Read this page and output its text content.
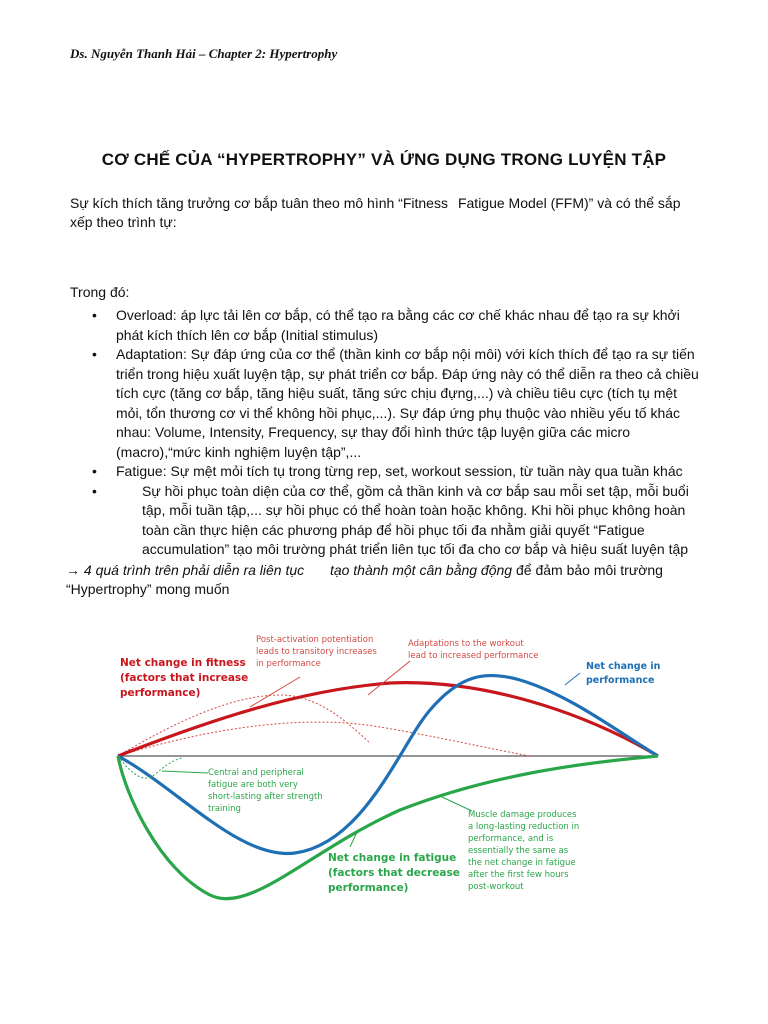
Ds. Nguyễn Thanh Hải – Chapter 2: Hypertrophy
CƠ CHẾ CỦA “HYPERTROPHY” VÀ ỨNG DỤNG TRONG LUYỆN TẬP
Sự kích thích tăng trưởng cơ bắp tuân theo mô hình “Fitness Fatigue Model (FFM)” và có thể sắp xếp theo trình tự:
Trong đó:
• Overload: áp lực tải lên cơ bắp, có thể tạo ra bằng các cơ chế khác nhau để tạo ra sự khởi phát kích thích lên cơ bắp (Initial stimulus)
• Adaptation: Sự đáp ứng của cơ thể (thần kinh cơ bắp nội môi) với kích thích để tạo ra sự tiến triển trong hiệu xuất luyện tập, sự phát triển cơ bắp. Đáp ứng này có thể diễn ra theo cả chiều tích cực (tăng cơ bắp, tăng hiệu suất, tăng sức chịu đựng,...) và chiều tiêu cực (tích tụ mệt mỏi, tổn thương cơ vi thể không hồi phục,...). Sự đáp ứng phụ thuộc vào nhiều yếu tố khác nhau: Volume, Intensity, Frequency, sự thay đổi hình thức tập luyện giữa các micro (macro),“mức kinh nghiệm luyện tập”,...
• Fatigue: Sự mệt mỏi tích tụ trong từng rep, set, workout session, từ tuần này qua tuần khác
• Sự hồi phục toàn diện của cơ thể, gồm cả thần kinh và cơ bắp sau mỗi set tập, mỗi buổi tập, mỗi tuần tập,... sự hồi phục có thể hoàn toàn hoặc không. Khi hồi phục không hoàn toàn cần thực hiện các phương pháp để hồi phục tối đa nhằm giải quyết “Fatigue accumulation” tạo môi trường phát triển liên tục tối đa cho cơ bắp và hiệu suất luyện tập
→ 4 quá trình trên phải diễn ra liên tục tạo thành một cân bằng động để đảm bảo môi trường “Hypertrophy” mong muốn
Net change in fitness
(factors that increase
performance)
Post-activation potentiation
leads to transitory increases
in performance
Adaptations to the workout
lead to increased performance
Net change in
performance
Central and peripheral
fatigue are both very
short-lasting after strength
training
Muscle damage produces
a long-lasting reduction in
performance, and is
essentially the same as
the net change in fatigue
after the first few hours
post-workout
Net change in fatigue
(factors that decrease
performance)
